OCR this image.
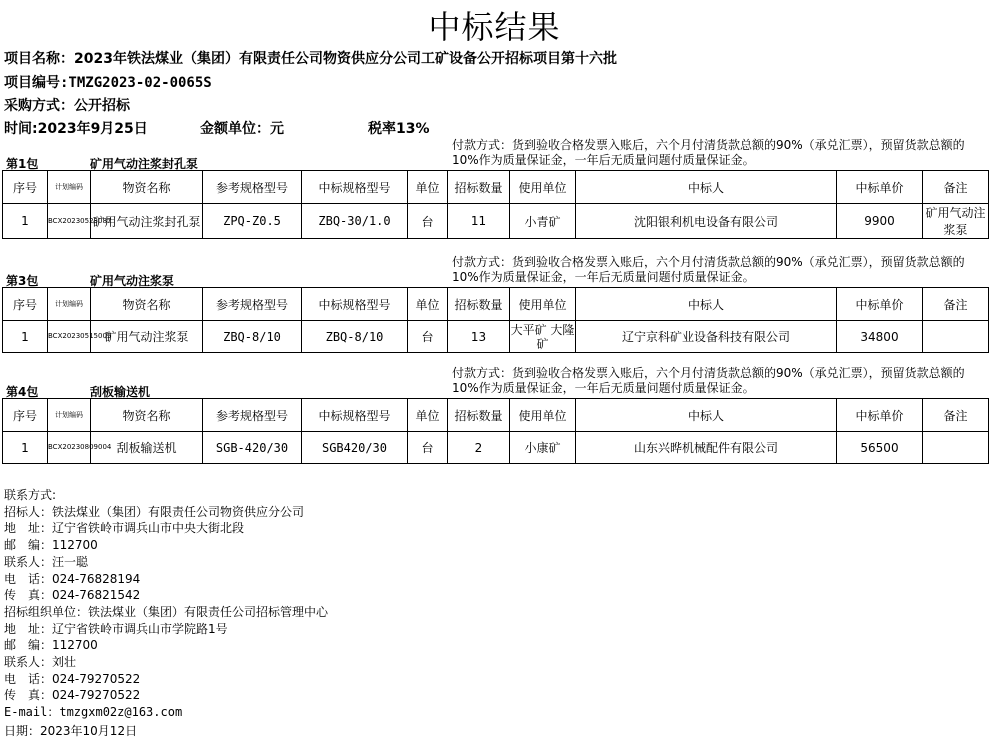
中标结果
项目名称：2023年铁法煤业（集团）有限责任公司物资供应分公司工矿设备公开招标项目第十六批
项目编号:TMZG2023-02-0065S
采购方式：公开招标
时间:2023年9月25日	金额单位：元	税率13%
付款方式：货到验收合格发票入账后，六个月付清货款总额的90%（承兑汇票），预留货款总额的10%作为质量保证金，一年后无质量问题付质量保证金。
第1包	矿用气动注浆封孔泵
付款方式：货到验收合格发票入账后，六个月付清货款总额的90%（承兑汇票），预留货款总额的10%作为质量保证金，一年后无质量问题付质量保证金。
第3包	矿用气动注浆泵
付款方式：货到验收合格发票入账后，六个月付清货款总额的90%（承兑汇票），预留货款总额的10%作为质量保证金，一年后无质量问题付质量保证金。
第4包	刮板输送机
序号	计划编码	物资名称	参考规格型号	中标规格型号	单位	招标数量	使用单位	中标人	中标单价	备注
1	BCX20230523087	矿用气动注浆封孔泵	ZPQ-Z0.5	ZBQ-30/1.0	台	11	小青矿	沈阳银利机电设备有限公司	9900	矿用气动注浆泵
序号	计划编码	物资名称	参考规格型号	中标规格型号	单位	招标数量	使用单位	中标人	中标单价	备注
1	BCX20230515005	矿用气动注浆泵	ZBQ-8/10	ZBQ-8/10	台	13	大平矿 大隆矿	辽宁京科矿业设备科技有限公司	34800	
序号	计划编码	物资名称	参考规格型号	中标规格型号	单位	招标数量	使用单位	中标人	中标单价	备注
1	BCX20230809004	刮板输送机	SGB-420/30	SGB420/30	台	2	小康矿	山东兴晔机械配件有限公司	56500	
联系方式:
招标人：铁法煤业（集团）有限责任公司物资供应分公司
地　址：辽宁省铁岭市调兵山市中央大街北段
邮　编：112700
联系人：汪一聪
电　话：024-76828194
传　真：024-76821542
招标组织单位：铁法煤业（集团）有限责任公司招标管理中心
地　址：辽宁省铁岭市调兵山市学院路1号
邮　编：112700
联系人：刘壮
电　话：024-79270522
传　真：024-79270522
E-mail：tmzgxm02z@163.com
日期：2023年10月12日
